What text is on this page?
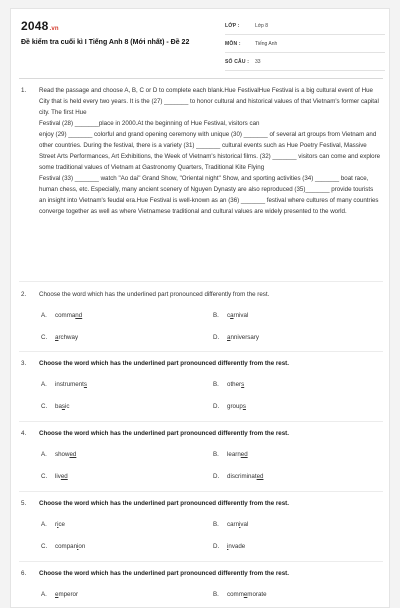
2048.vn
Đề kiểm tra cuối kì I Tiếng Anh 8 (Mới nhất) - Đề 22
LỚP :	Lớp 8
MÔN :	Tiếng Anh
SỐ CÂU :	33
1. Read the passage and choose A, B, C or D to complete each blank.Hue FestivalHue Festival is a big cultural event of Hue City that is held every two years. It is the (27) _______ to honor cultural and historical values of that Vietnam's former capital city. The first Hue
Festival (28) _______place in 2000.At the beginning of Hue Festival, visitors can
enjoy (29) _______ colorful and grand opening ceremony with unique (30) _______ of several art groups from Vietnam and other countries. During the festival, there is a variety (31) _______ cultural events such as Hue Poetry Festival, Massive Street Arts Performances, Art Exhibitions, the Week of Vietnam's historical films. (32) _______ visitors can come and explore some traditional values of Vietnam at Gastronomy Quarters, Traditional Kite Flying
Festival (33) _______ watch "Ao dai" Grand Show, "Oriental night" Show, and sporting activities (34) _______ boat race, human chess, etc. Especially, many ancient scenery of Nguyen Dynasty are also reproduced (35)_______ provide tourists an insight into Vietnam's feudal era.Hue Festival is well-known as an (36) _______ festival where cultures of many countries converge together as well as where Vietnamese traditional and cultural values are widely presented to the world.
2. Choose the word which has the underlined part pronounced differently from the rest.
A. command	B. carnival
C. archway	D. anniversary
3. Choose the word which has the underlined part pronounced differently from the rest.
A. instruments	B. others
C. basic	D. groups
4. Choose the word which has the underlined part pronounced differently from the rest.
A. showed	B. learned
C. lived	D. discriminated
5. Choose the word which has the underlined part pronounced differently from the rest.
A. rice	B. carnival
C. companion	D. invade
6. Choose the word which has the underlined part pronounced differently from the rest.
A. emperor	B. commemorate
